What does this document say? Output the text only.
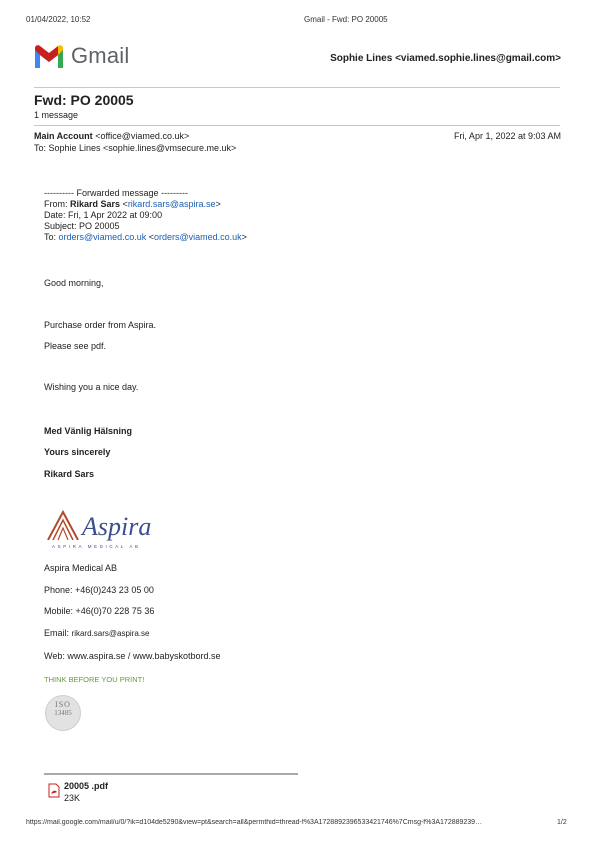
01/04/2022, 10:52	Gmail - Fwd: PO 20005
Gmail	Sophie Lines <viamed.sophie.lines@gmail.com>
Fwd: PO 20005
1 message
Main Account <office@viamed.co.uk>	Fri, Apr 1, 2022 at 9:03 AM
To: Sophie Lines <sophie.lines@vmsecure.me.uk>
---------- Forwarded message ---------
From: Rikard Sars <rikard.sars@aspira.se>
Date: Fri, 1 Apr 2022 at 09:00
Subject: PO 20005
To: orders@viamed.co.uk <orders@viamed.co.uk>
Good morning,
Purchase order from Aspira.
Please see pdf.
Wishing you a nice day.
Med Vänlig Hälsning
Yours sincerely
Rikard Sars
Aspira
ASPIRA MEDICAL AB
Aspira Medical AB
Phone: +46(0)243 23 05 00
Mobile: +46(0)70 228 75 36
Email: rikard.sars@aspira.se
Web: www.aspira.se / www.babyskotbord.se
THINK BEFORE YOU PRINT!
ISO
13485
20005 .pdf
23K
https://mail.google.com/mail/u/0/?ik=d104de5290&view=pt&search=all&permthid=thread-f%3A1728892396533421746%7Cmsg-f%3A172889239…	1/2
